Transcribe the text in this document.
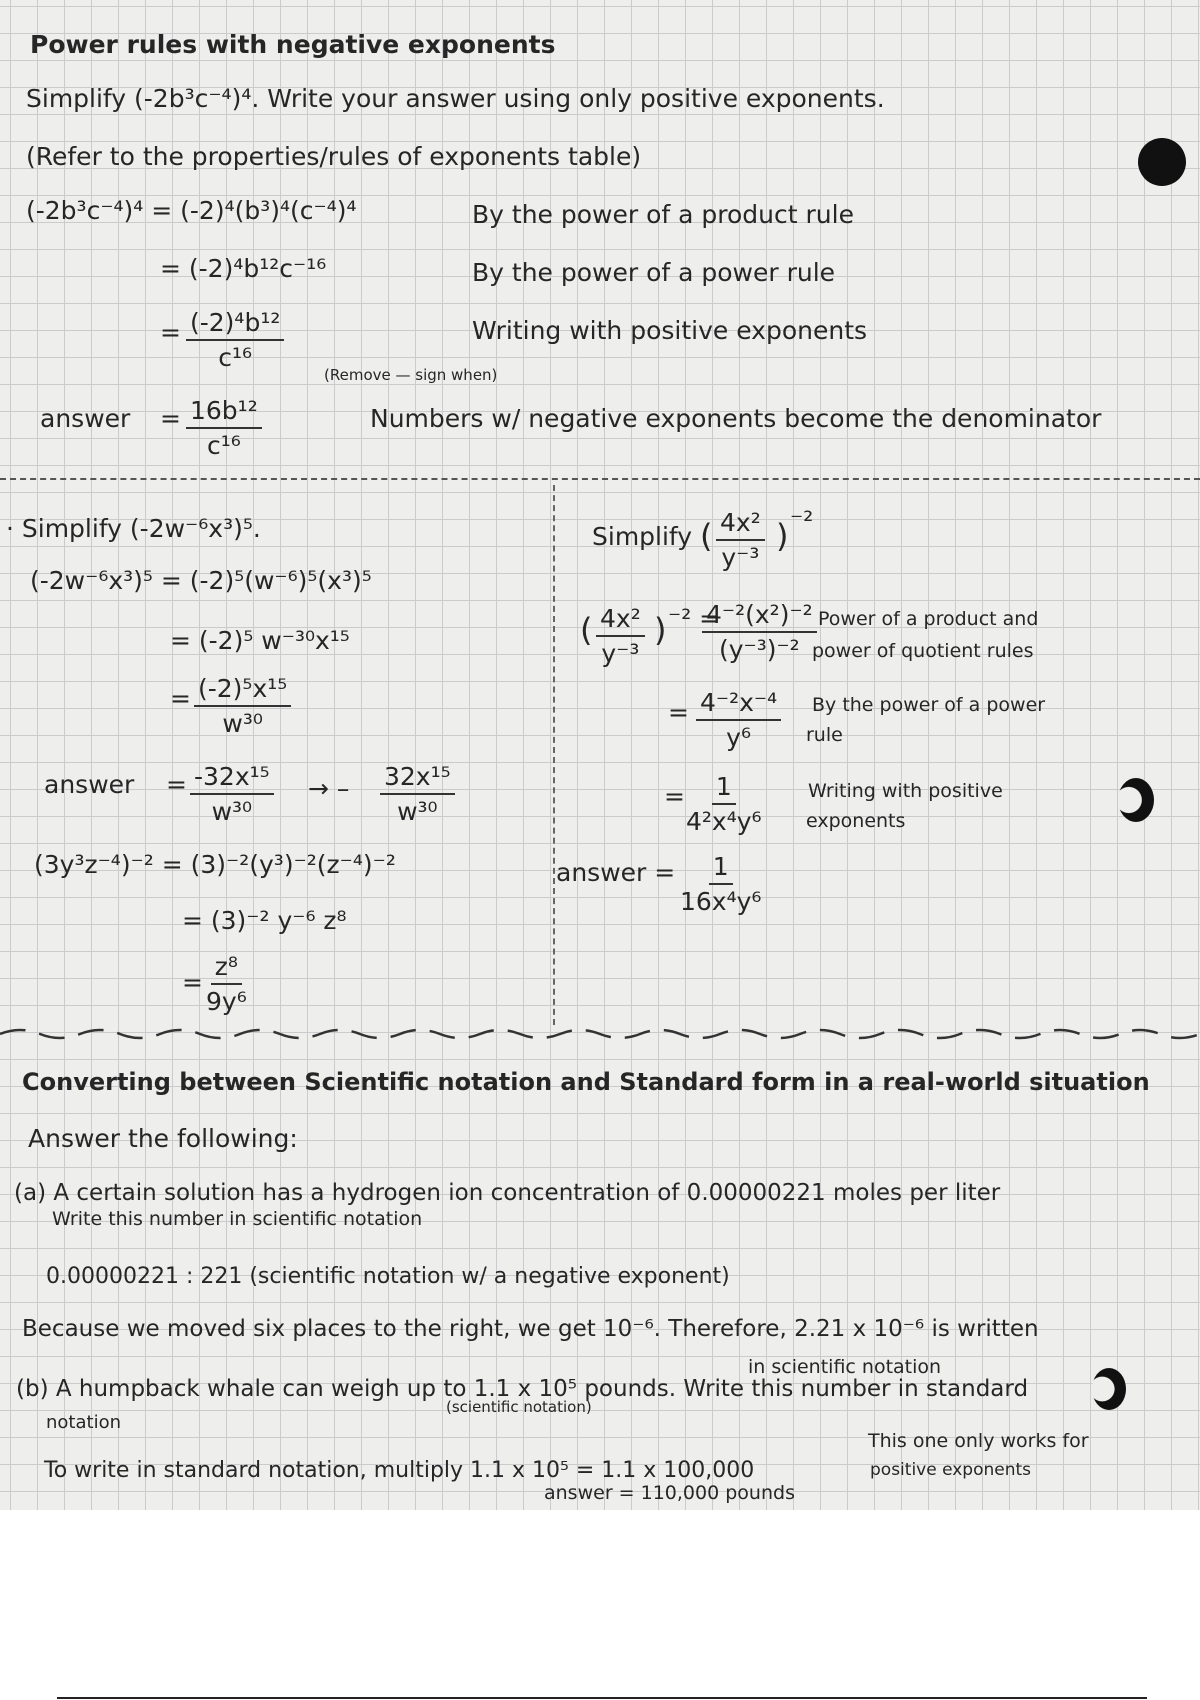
Power rules with negative exponents
Simplify (-2b³c⁻⁴)⁴. Write your answer using only positive exponents.
(Refer to the properties/rules of exponents table)
(-2b³c⁻⁴)⁴ = (-2)⁴(b³)⁴(c⁻⁴)⁴	By the power of a product rule
= (-2)⁴b¹²c⁻¹⁶	By the power of a power rule
= $\frac{\text{(-2)⁴b¹²}}{\text{c¹⁶}}$	Writing with positive exponents
(Remove — sign when)
answer = $\frac{\text{16b¹²}}{\text{c¹⁶}}$	Numbers w/ negative exponents become the denominator
· Simplify (-2w⁻⁶x³)⁵.
(-2w⁻⁶x³)⁵ = (-2)⁵(w⁻⁶)⁵(x³)⁵
= (-2)⁵ w⁻³⁰x¹⁵
= $\frac{\text{(-2)⁵x¹⁵}}{\text{w³⁰}}$
answer = $\frac{\text{-32x¹⁵}}{\text{w³⁰}}$ → – $\frac{\text{32x¹⁵}}{\text{w³⁰}}$
(3y³z⁻⁴)⁻² = (3)⁻²(y³)⁻²(z⁻⁴)⁻²
= (3)⁻² y⁻⁶ z⁸
= $\frac{\text{z⁸}}{\text{9y⁶}}$
Simplify ( $\frac{\text{4x²}}{\text{y⁻³}}$ ) ⁻²
( $\frac{\text{4x²}}{\text{y⁻³}}$ ) ⁻² =
$\frac{\text{4⁻²(x²)⁻²}}{\text{(y⁻³)⁻²}}$ Power of a product and
power of quotient rules
= $\frac{\text{4⁻²x⁻⁴}}{\text{y⁶}}$ By the power of a power
rule
= $\frac{1}{\text{4²x⁴y⁶}}$ Writing with positive
exponents
answer = $\frac{1}{\text{16x⁴y⁶}}$
Converting between Scientific notation and Standard form in a real-world situation
Answer the following:
(a) A certain solution has a hydrogen ion concentration of 0.00000221 moles per liter
Write this number in scientific notation
0.00000221 : 221 (scientific notation w/ a negative exponent)
Because we moved six places to the right, we get 10⁻⁶. Therefore, 2.21 x 10⁻⁶ is written
in scientific notation
(b) A humpback whale can weigh up to 1.1 x 10⁵ pounds. Write this number in standard
notation
(scientific notation)
This one only works for
positive exponents
To write in standard notation, multiply 1.1 x 10⁵ = 1.1 x 100,000
answer = 110,000 pounds
